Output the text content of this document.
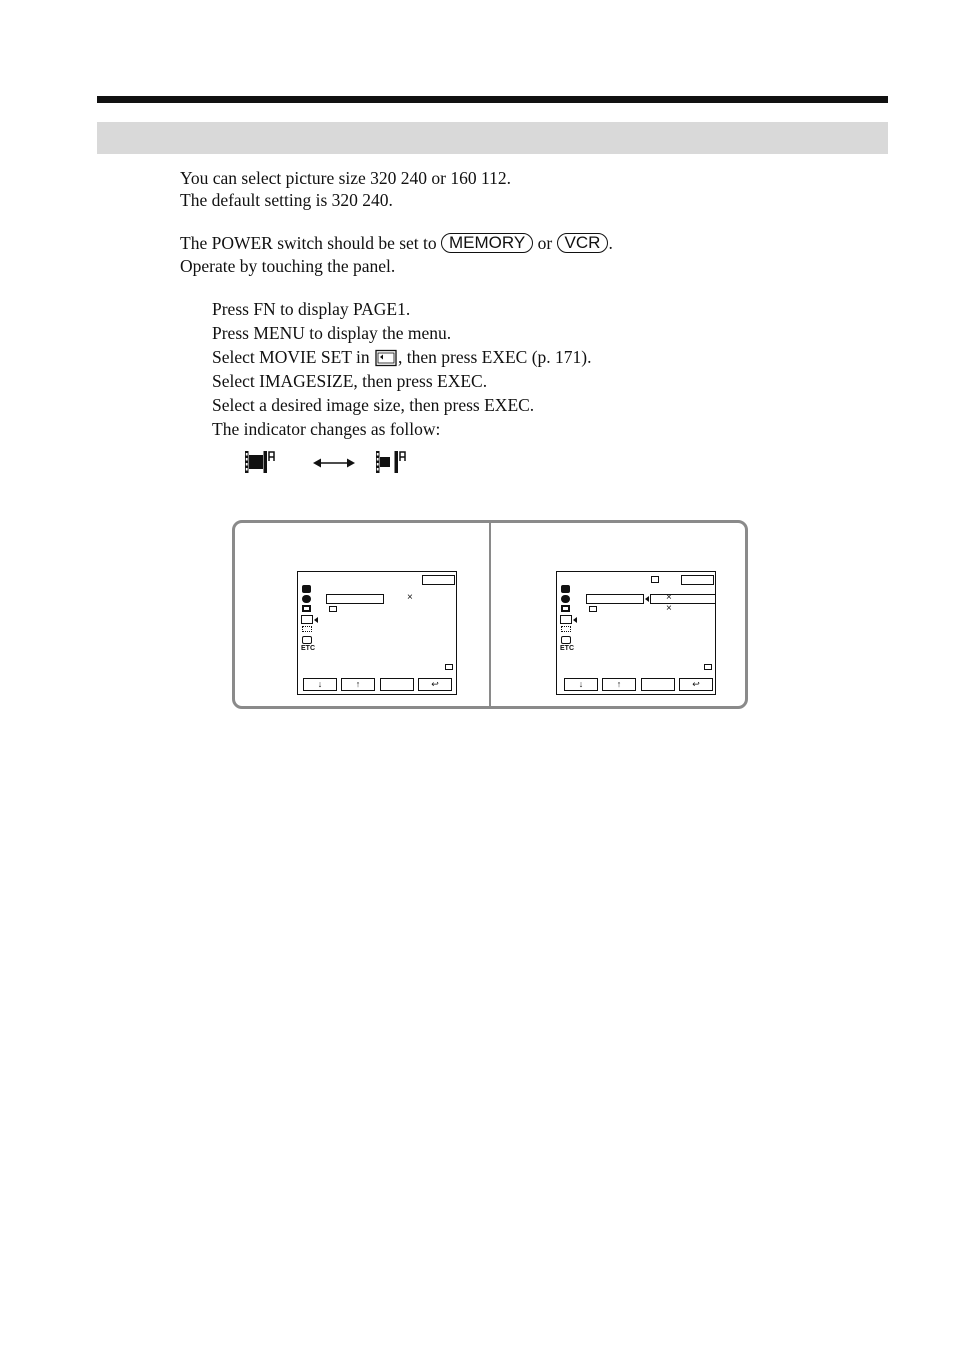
You can select picture size 320 240 or 160 112.
The default setting is 320 240.
The POWER switch should be set to MEMORY or VCR .
Operate by touching the panel.
Press FN to display PAGE1.
Press MENU to display the menu.
Select MOVIE SET in , then press EXEC (p. 171).
Select IMAGESIZE, then press EXEC.
Select a desired image size, then press EXEC.
The indicator changes as follow:
ETC
×
↓	↑	↩
ETC
×
×
↓	↑	↩
